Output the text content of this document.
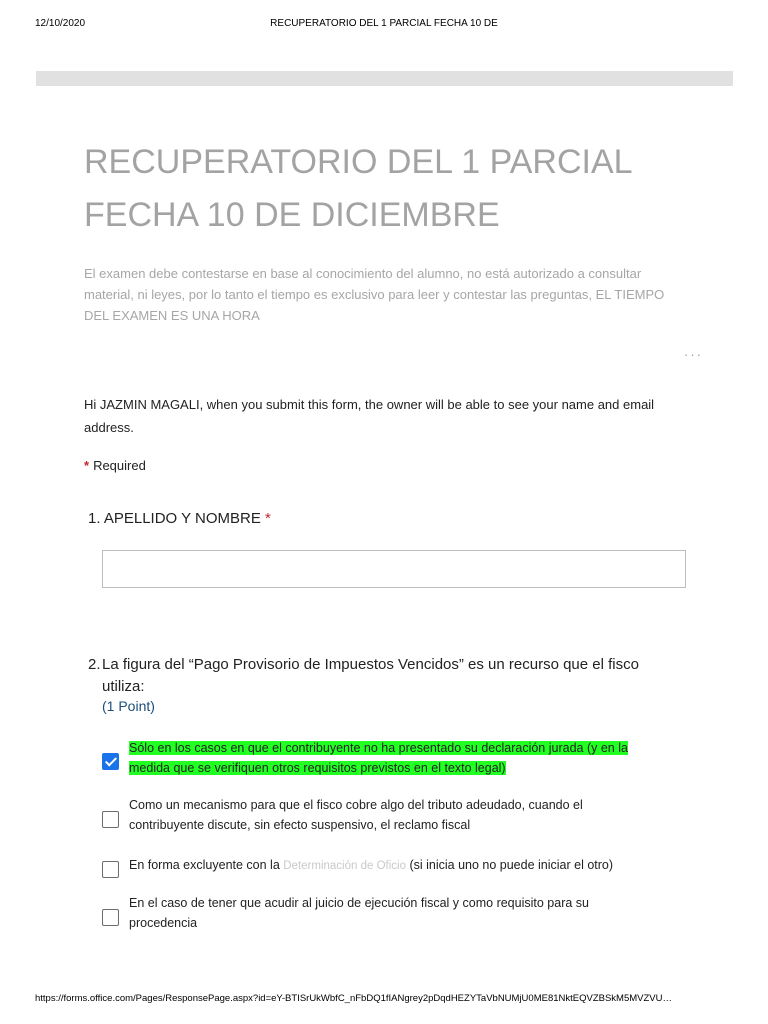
12/10/2020	RECUPERATORIO DEL 1 PARCIAL FECHA 10 DE
RECUPERATORIO DEL 1 PARCIAL FECHA 10 DE DICIEMBRE

El examen debe contestarse en base al conocimiento del alumno, no está autorizado a consultar material, ni leyes, por lo tanto el tiempo es exclusivo para leer y contestar las preguntas, EL TIEMPO DEL EXAMEN ES UNA HORA

···

Hi JAZMIN MAGALI, when you submit this form, the owner will be able to see your name and email address.

* Required
1. APELLIDO Y NOMBRE *
2. La figura del “Pago Provisorio de Impuestos Vencidos” es un recurso que el fisco utiliza:
(1 Point)
Sólo en los casos en que el contribuyente no ha presentado su declaración jurada (y en la medida que se verifiquen otros requisitos previstos en el texto legal)
Como un mecanismo para que el fisco cobre algo del tributo adeudado, cuando el contribuyente discute, sin efecto suspensivo, el reclamo fiscal
En forma excluyente con la Determinación de Oficio (si inicia uno no puede iniciar el otro)
En el caso de tener que acudir al juicio de ejecución fiscal y como requisito para su procedencia
https://forms.office.com/Pages/ResponsePage.aspx?id=eY-BTISrUkWbfC_nFbDQ1fIANgrey2pDqdHEZYTaVbNUMjU0ME81NktEQVZBSkM5MVZVU…
